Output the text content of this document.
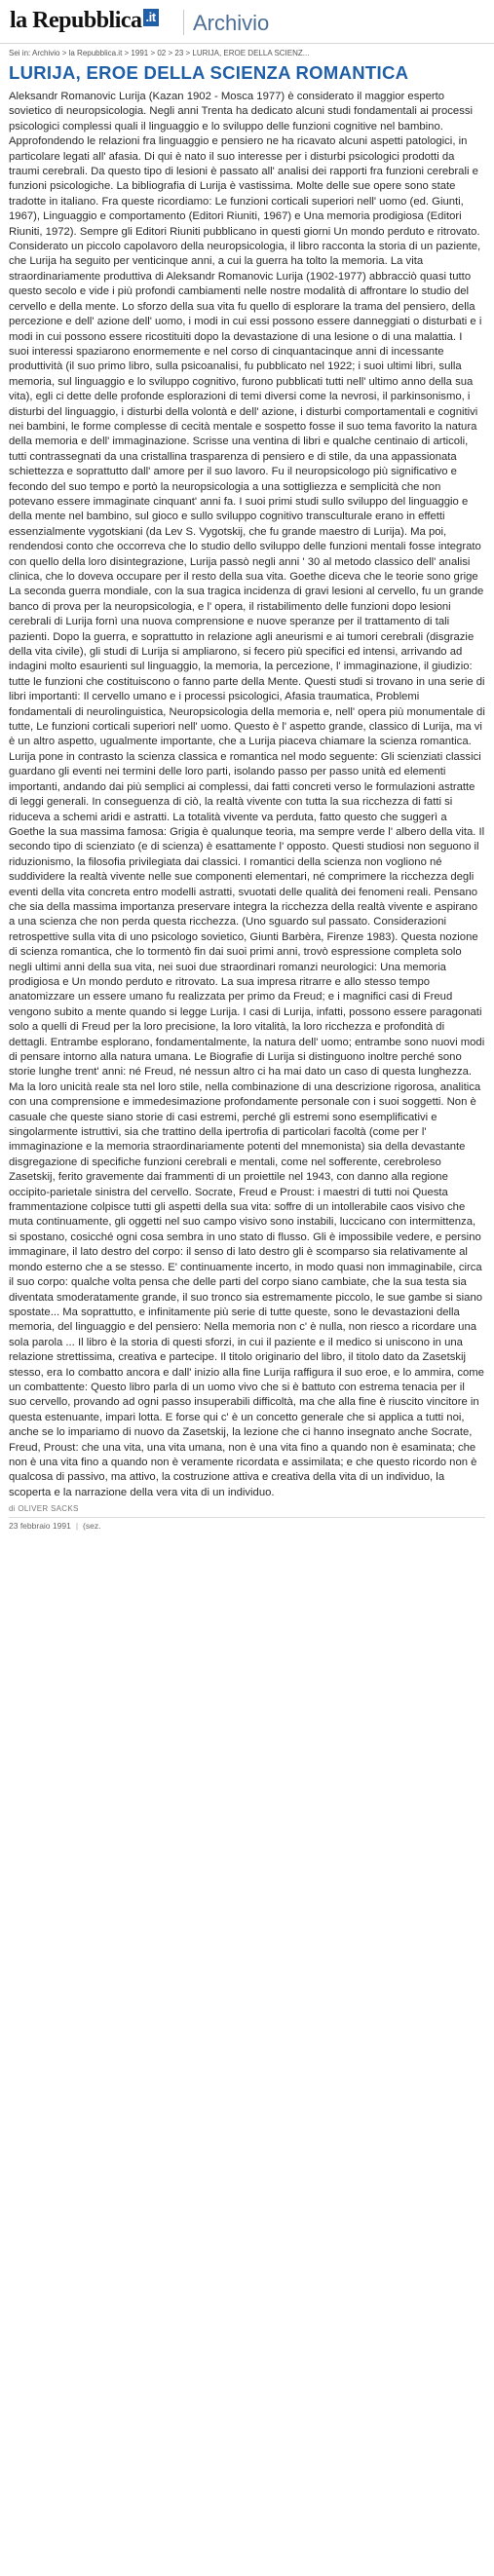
la Repubblica .it Archivio
Sei in: Archivio > la Repubblica.it > 1991 > 02 > 23 > LURIJA, EROE DELLA SCIENZ...
LURIJA, EROE DELLA SCIENZA ROMANTICA
Aleksandr Romanovic Lurija (Kazan 1902 - Mosca 1977) è considerato il maggior esperto sovietico di neuropsicologia. Negli anni Trenta ha dedicato alcuni studi fondamentali ai processi psicologici complessi quali il linguaggio e lo sviluppo delle funzioni cognitive nel bambino. Approfondendo le relazioni fra linguaggio e pensiero ne ha ricavato alcuni aspetti patologici, in particolare legati all' afasia. Di qui è nato il suo interesse per i disturbi psicologici prodotti da traumi cerebrali. Da questo tipo di lesioni è passato all' analisi dei rapporti fra funzioni cerebrali e funzioni psicologiche. La bibliografia di Lurija è vastissima. Molte delle sue opere sono state tradotte in italiano. Fra queste ricordiamo: Le funzioni corticali superiori nell' uomo (ed. Giunti, 1967), Linguaggio e comportamento (Editori Riuniti, 1967) e Una memoria prodigiosa (Editori Riuniti, 1972). Sempre gli Editori Riuniti pubblicano in questi giorni Un mondo perduto e ritrovato. Considerato un piccolo capolavoro della neuropsicologia, il libro racconta la storia di un paziente, che Lurija ha seguito per venticinque anni, a cui la guerra ha tolto la memoria. La vita straordinariamente produttiva di Aleksandr Romanovic Lurija (1902-1977) abbracciò quasi tutto questo secolo e vide i più profondi cambiamenti nelle nostre modalità di affrontare lo studio del cervello e della mente. Lo sforzo della sua vita fu quello di esplorare la trama del pensiero, della percezione e dell' azione dell' uomo, i modi in cui essi possono essere danneggiati o disturbati e i modi in cui possono essere ricostituiti dopo la devastazione di una lesione o di una malattia. I suoi interessi spaziarono enormemente e nel corso di cinquantacinque anni di incessante produttività (il suo primo libro, sulla psicoanalisi, fu pubblicato nel 1922; i suoi ultimi libri, sulla memoria, sul linguaggio e lo sviluppo cognitivo, furono pubblicati tutti nell' ultimo anno della sua vita), egli ci dette delle profonde esplorazioni di temi diversi come la nevrosi, il parkinsonismo, i disturbi del linguaggio, i disturbi della volontà e dell' azione, i disturbi comportamentali e cognitivi nei bambini, le forme complesse di cecità mentale e sospetto fosse il suo tema favorito la natura della memoria e dell' immaginazione. Scrisse una ventina di libri e qualche centinaio di articoli, tutti contrassegnati da una cristallina trasparenza di pensiero e di stile, da una appassionata schiettezza e soprattutto dall' amore per il suo lavoro. Fu il neuropsicologo più significativo e fecondo del suo tempo e portò la neuropsicologia a una sottigliezza e semplicità che non potevano essere immaginate cinquant' anni fa. I suoi primi studi sullo sviluppo del linguaggio e della mente nel bambino, sul gioco e sullo sviluppo cognitivo transculturale erano in effetti essenzialmente vygotskiani (da Lev S. Vygotskij, che fu grande maestro di Lurija). Ma poi, rendendosi conto che occorreva che lo studio dello sviluppo delle funzioni mentali fosse integrato con quello della loro disintegrazione, Lurija passò negli anni ' 30 al metodo classico dell' analisi clinica, che lo doveva occupare per il resto della sua vita. Goethe diceva che le teorie sono grige La seconda guerra mondiale, con la sua tragica incidenza di gravi lesioni al cervello, fu un grande banco di prova per la neuropsicologia, e l' opera, il ristabilimento delle funzioni dopo lesioni cerebrali di Lurija fornì una nuova comprensione e nuove speranze per il trattamento di tali pazienti. Dopo la guerra, e soprattutto in relazione agli aneurismi e ai tumori cerebrali (disgrazie della vita civile), gli studi di Lurija si ampliarono, si fecero più specifici ed intensi, arrivando ad indagini molto esaurienti sul linguaggio, la memoria, la percezione, l' immaginazione, il giudizio: tutte le funzioni che costituiscono o fanno parte della Mente. Questi studi si trovano in una serie di libri importanti: Il cervello umano e i processi psicologici, Afasia traumatica, Problemi fondamentali di neurolinguistica, Neuropsicologia della memoria e, nell' opera più monumentale di tutte, Le funzioni corticali superiori nell' uomo. Questo è l' aspetto grande, classico di Lurija, ma vi è un altro aspetto, ugualmente importante, che a Lurija piaceva chiamare la scienza romantica. Lurija pone in contrasto la scienza classica e romantica nel modo seguente: Gli scienziati classici guardano gli eventi nei termini delle loro parti, isolando passo per passo unità ed elementi importanti, andando dai più semplici ai complessi, dai fatti concreti verso le formulazioni astratte di leggi generali. In conseguenza di ciò, la realtà vivente con tutta la sua ricchezza di fatti si riduceva a schemi aridi e astratti. La totalità vivente va perduta, fatto questo che suggerì a Goethe la sua massima famosa: Grigia è qualunque teoria, ma sempre verde l' albero della vita. Il secondo tipo di scienziato (e di scienza) è esattamente l' opposto. Questi studiosi non seguono il riduzionismo, la filosofia privilegiata dai classici. I romantici della scienza non vogliono né suddividere la realtà vivente nelle sue componenti elementari, né comprimere la ricchezza degli eventi della vita concreta entro modelli astratti, svuotati delle qualità dei fenomeni reali. Pensano che sia della massima importanza preservare integra la ricchezza della realtà vivente e aspirano a una scienza che non perda questa ricchezza. (Uno sguardo sul passato. Considerazioni retrospettive sulla vita di uno psicologo sovietico, Giunti Barbèra, Firenze 1983). Questa nozione di scienza romantica, che lo tormentò fin dai suoi primi anni, trovò espressione completa solo negli ultimi anni della sua vita, nei suoi due straordinari romanzi neurologici: Una memoria prodigiosa e Un mondo perduto e ritrovato. La sua impresa ritrarre e allo stesso tempo anatomizzare un essere umano fu realizzata per primo da Freud; e i magnifici casi di Freud vengono subito a mente quando si legge Lurija. I casi di Lurija, infatti, possono essere paragonati solo a quelli di Freud per la loro precisione, la loro vitalità, la loro ricchezza e profondità di dettagli. Entrambe esplorano, fondamentalmente, la natura dell' uomo; entrambe sono nuovi modi di pensare intorno alla natura umana. Le Biografie di Lurija si distinguono inoltre perché sono storie lunghe trent' anni: né Freud, né nessun altro ci ha mai dato un caso di questa lunghezza. Ma la loro unicità reale sta nel loro stile, nella combinazione di una descrizione rigorosa, analitica con una comprensione e immedesimazione profondamente personale con i suoi soggetti. Non è casuale che queste siano storie di casi estremi, perché gli estremi sono esemplificativi e singolarmente istruttivi, sia che trattino della ipertrofia di particolari facoltà (come per l' immaginazione e la memoria straordinariamente potenti del mnemonista) sia della devastante disgregazione di specifiche funzioni cerebrali e mentali, come nel sofferente, cerebroleso Zasetskij, ferito gravemente dai frammenti di un proiettile nel 1943, con danno alla regione occipito-parietale sinistra del cervello. Socrate, Freud e Proust: i maestri di tutti noi Questa frammentazione colpisce tutti gli aspetti della sua vita: soffre di un intollerabile caos visivo che muta continuamente, gli oggetti nel suo campo visivo sono instabili, luccicano con intermittenza, si spostano, cosicché ogni cosa sembra in uno stato di flusso. Gli è impossibile vedere, e persino immaginare, il lato destro del corpo: il senso di lato destro gli è scomparso sia relativamente al mondo esterno che a se stesso. E' continuamente incerto, in modo quasi non immaginabile, circa il suo corpo: qualche volta pensa che delle parti del corpo siano cambiate, che la sua testa sia diventata smoderatamente grande, il suo tronco sia estremamente piccolo, le sue gambe si siano spostate... Ma soprattutto, e infinitamente più serie di tutte queste, sono le devastazioni della memoria, del linguaggio e del pensiero: Nella memoria non c' è nulla, non riesco a ricordare una sola parola ... Il libro è la storia di questi sforzi, in cui il paziente e il medico si uniscono in una relazione strettissima, creativa e partecipe. Il titolo originario del libro, il titolo dato da Zasetskij stesso, era Io combatto ancora e dall' inizio alla fine Lurija raffigura il suo eroe, e lo ammira, come un combattente: Questo libro parla di un uomo vivo che si è battuto con estrema tenacia per il suo cervello, provando ad ogni passo insuperabili difficoltà, ma che alla fine è riuscito vincitore in questa estenuante, impari lotta. E forse qui c' è un concetto generale che si applica a tutti noi, anche se lo impariamo di nuovo da Zasetskij, la lezione che ci hanno insegnato anche Socrate, Freud, Proust: che una vita, una vita umana, non è una vita fino a quando non è esaminata; che non è una vita fino a quando non è veramente ricordata e assimilata; e che questo ricordo non è qualcosa di passivo, ma attivo, la costruzione attiva e creativa della vita di un individuo, la scoperta e la narrazione della vera vita di un individuo.
di OLIVER SACKS
23 febbraio 1991 | (sez.
